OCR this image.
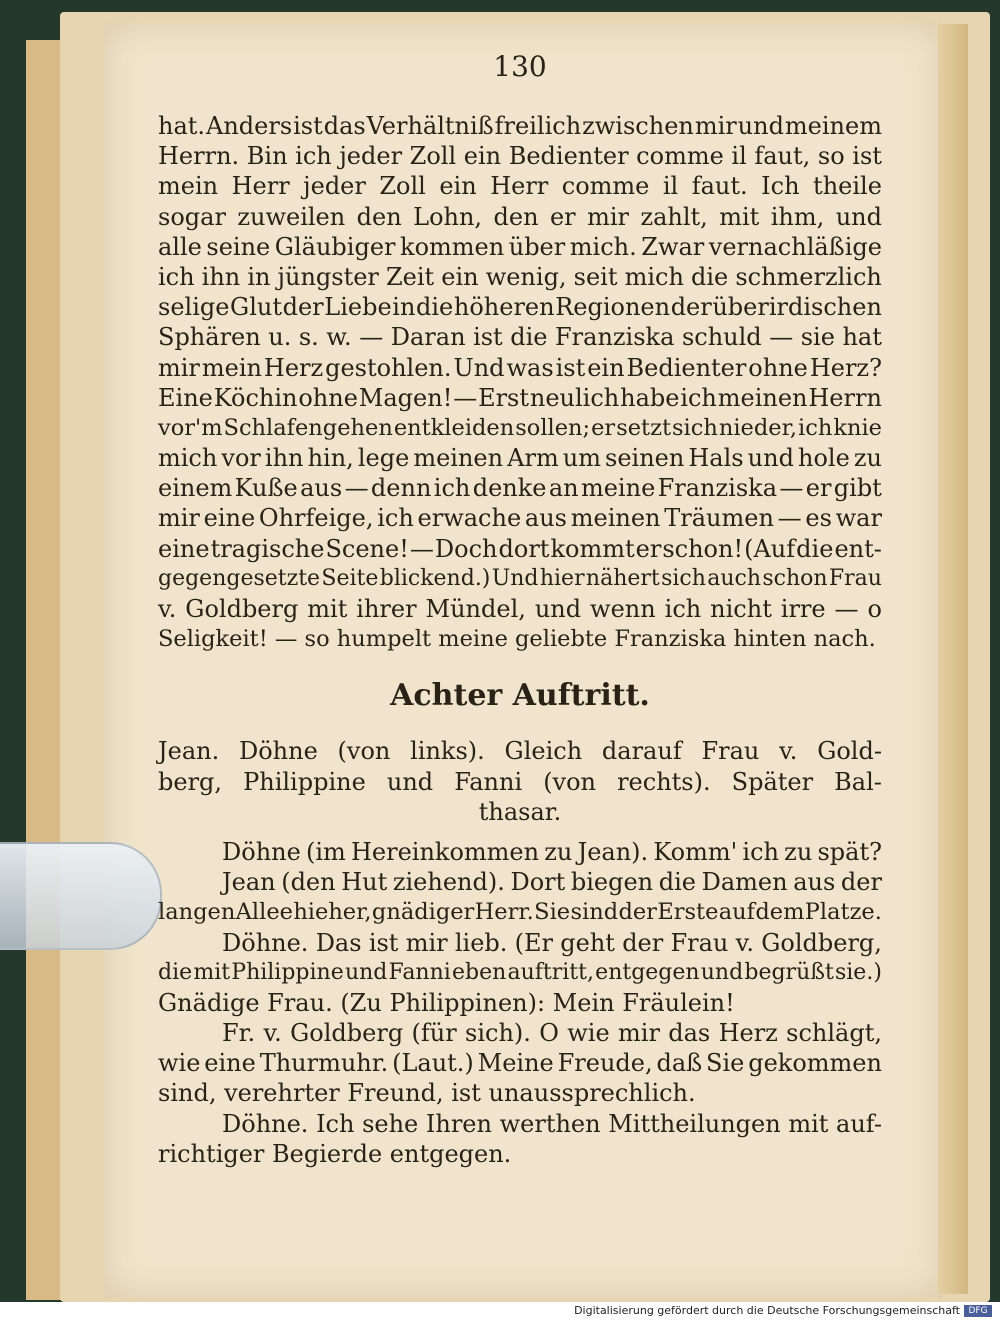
130
hat. Anders ist das Verhältniß freilich zwischen mir und meinem
Herrn. Bin ich jeder Zoll ein Bedienter comme il faut, so ist
mein Herr jeder Zoll ein Herr comme il faut. Ich theile
sogar zuweilen den Lohn, den er mir zahlt, mit ihm, und
alle seine Gläubiger kommen über mich. Zwar vernachläßige
ich ihn in jüngster Zeit ein wenig, seit mich die schmerzlich
selige Glut der Liebe in die höheren Regionen der überirdischen
Sphären u. s. w. — Daran ist die Franziska schuld — sie hat
mir mein Herz gestohlen. Und was ist ein Bedienter ohne Herz?
Eine Köchin ohne Magen! — Erst neulich habe ich meinen Herrn
vor'm Schlafengehen entkleiden sollen; er setzt sich nieder, ich knie
mich vor ihn hin, lege meinen Arm um seinen Hals und hole zu
einem Kuße aus — denn ich denke an meine Franziska — er gibt
mir eine Ohrfeige, ich erwache aus meinen Träumen — es war
eine tragische Scene! — Doch dort kommt er schon! (Auf die ent-
gegengesetzte Seite blickend.) Und hier nähert sich auch schon Frau
v. Goldberg mit ihrer Mündel, und wenn ich nicht irre — o
Seligkeit! — so humpelt meine geliebte Franziska hinten nach.
Achter Auftritt.
Jean. Döhne (von links). Gleich darauf Frau v. Gold-
berg, Philippine und Fanni (von rechts). Später Bal-
thasar.
Döhne (im Hereinkommen zu Jean). Komm' ich zu spät?
Jean (den Hut ziehend). Dort biegen die Damen aus der
langen Allee hieher, gnädiger Herr. Sie sind der Erste auf dem Platze.
Döhne. Das ist mir lieb. (Er geht der Frau v. Goldberg,
die mit Philippine und Fanni eben auftritt, entgegen und begrüßt sie.)
Gnädige Frau. (Zu Philippinen): Mein Fräulein!
Fr. v. Goldberg (für sich). O wie mir das Herz schlägt,
wie eine Thurmuhr. (Laut.) Meine Freude, daß Sie gekommen
sind, verehrter Freund, ist unaussprechlich.
Döhne. Ich sehe Ihren werthen Mittheilungen mit auf-
richtiger Begierde entgegen.
Digitalisierung gefördert durch die Deutsche Forschungsgemeinschaft DFG
